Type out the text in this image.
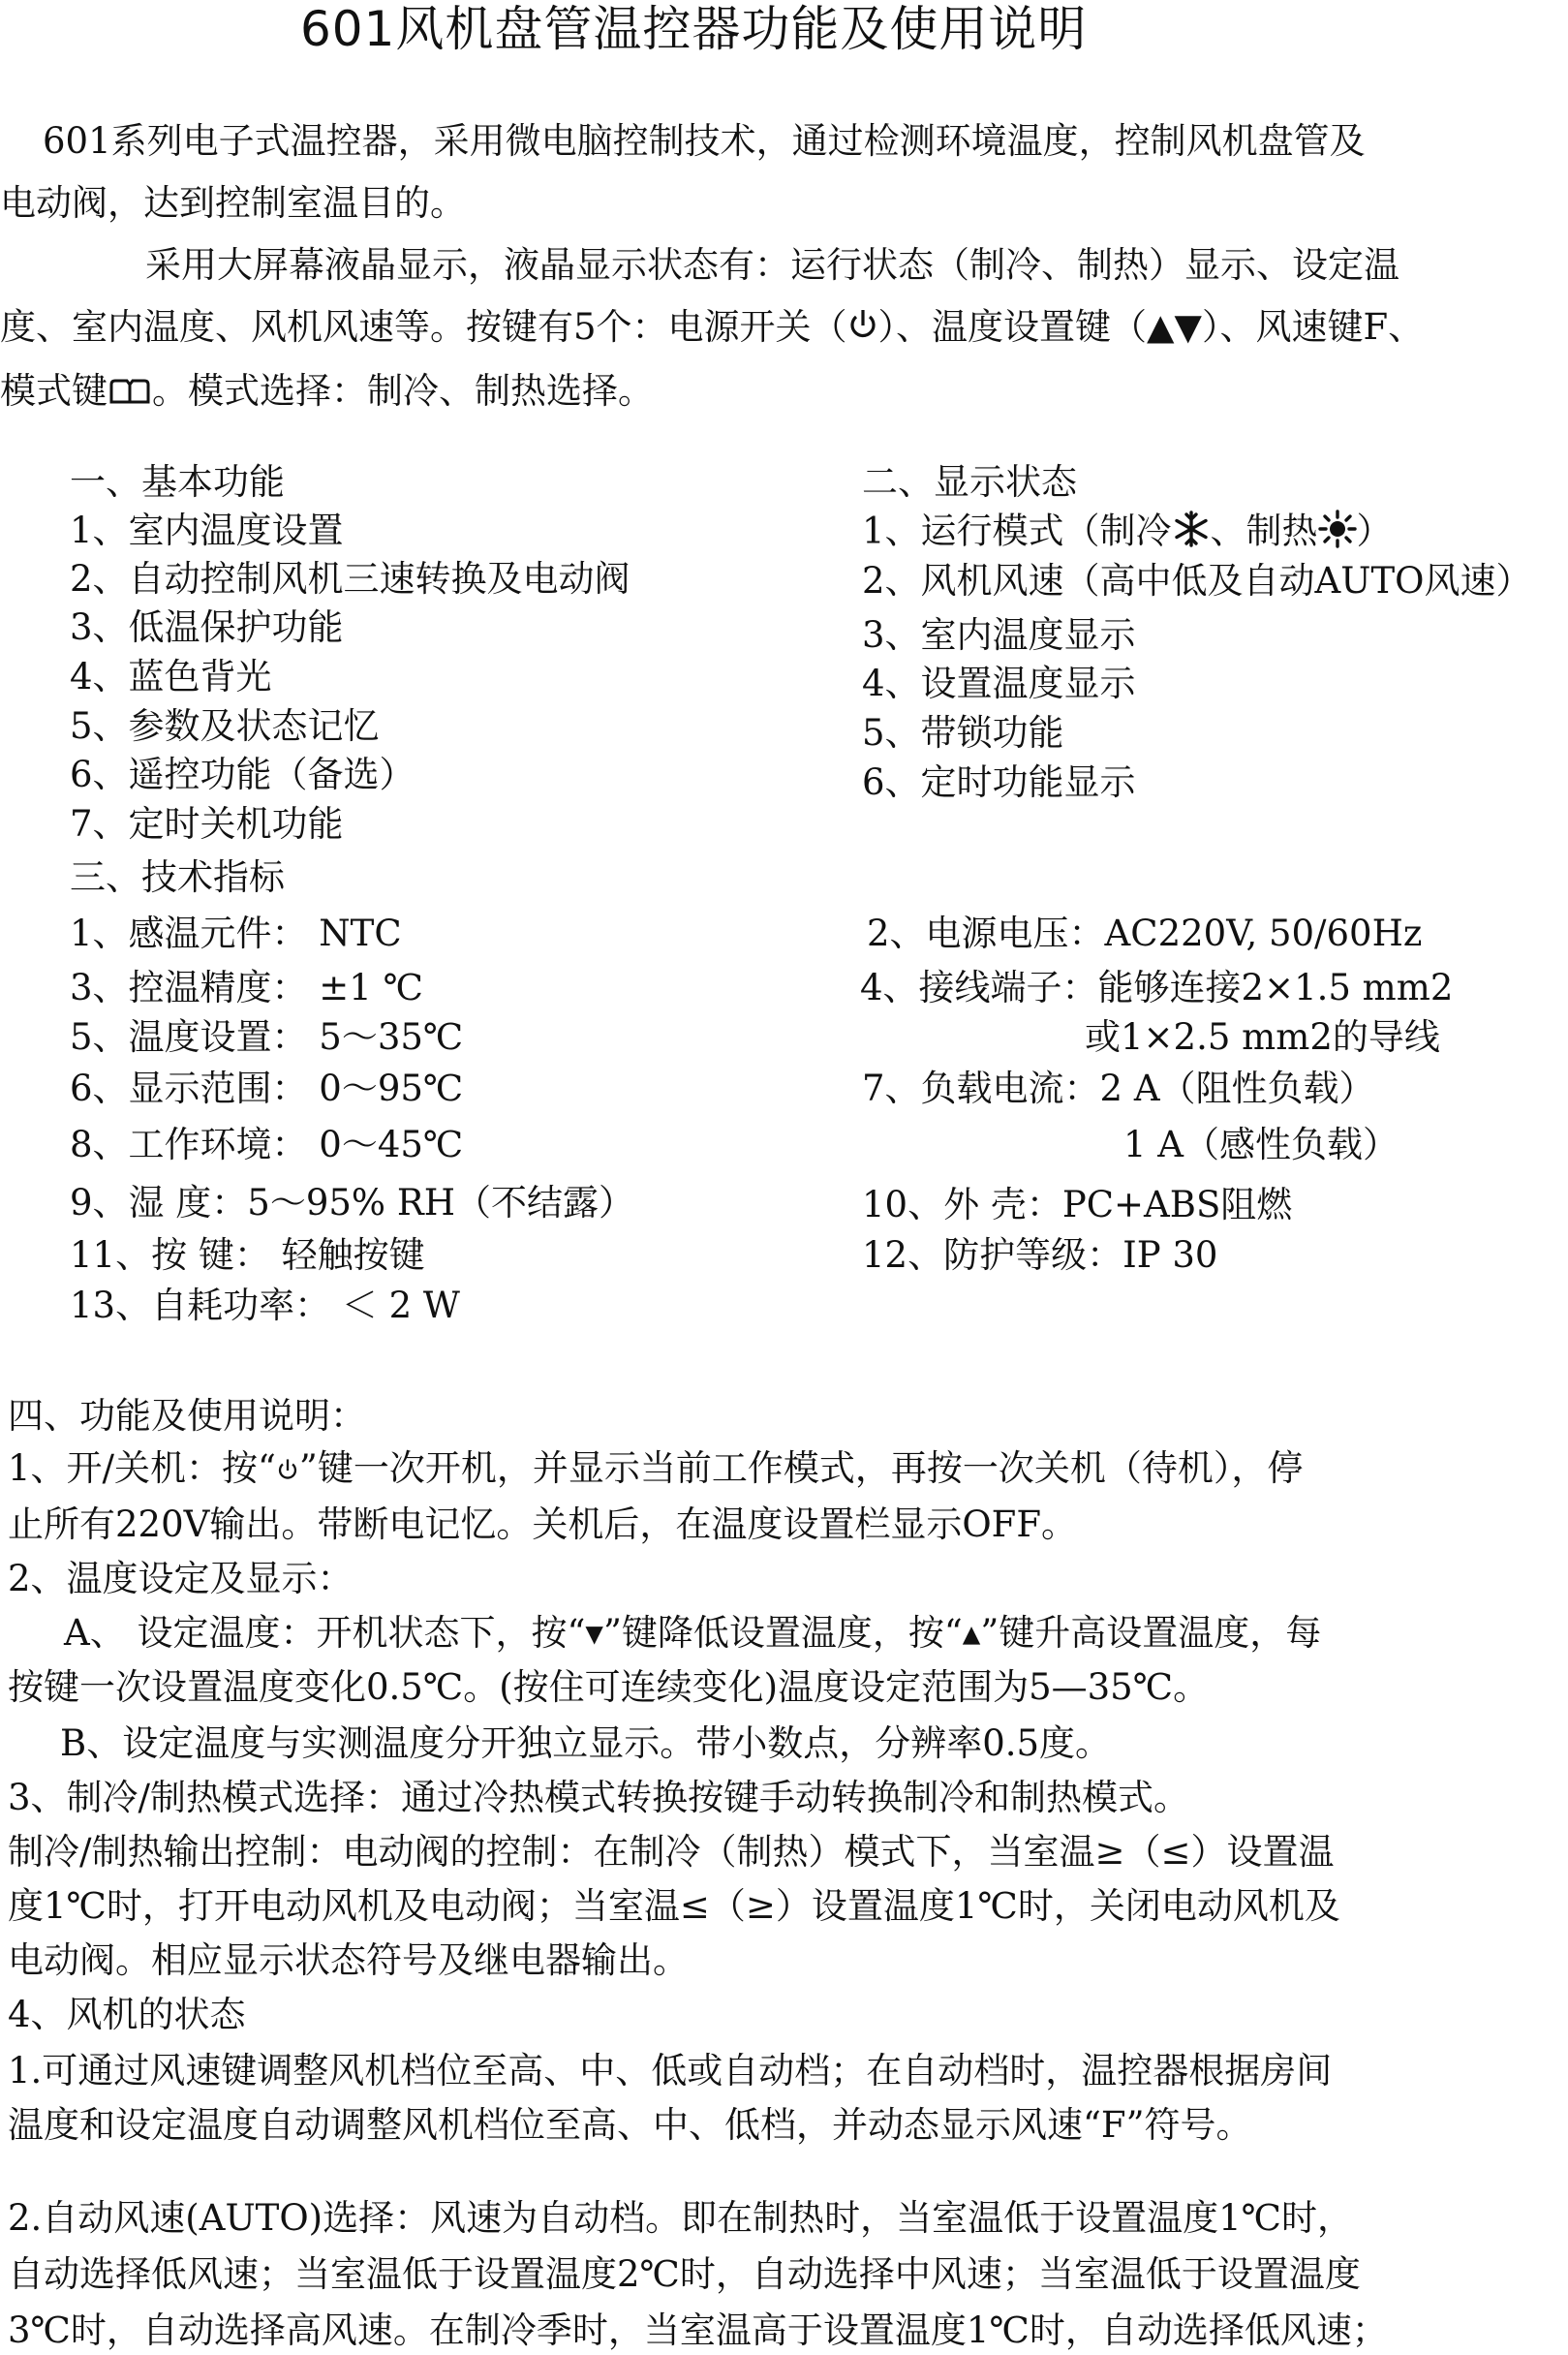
601风机盘管温控器功能及使用说明
601系列电子式温控器，采用微电脑控制技术，通过检测环境温度，控制风机盘管及
电动阀，达到控制室温目的。
采用大屏幕液晶显示，液晶显示状态有：运行状态（制冷、制热）显示、设定温
度、室内温度、风机风速等。按键有5个：电源开关（ ）、温度设置键（▲▼）、风速键F、
模式键 。模式选择：制冷、制热选择。
一、基本功能
1、室内温度设置
2、自动控制风机三速转换及电动阀
3、低温保护功能
4、蓝色背光
5、参数及状态记忆
6、遥控功能（备选）
7、定时关机功能
二、显示状态
1、运行模式（制冷 、制热 ）
2、风机风速（高中低及自动AUTO风速）
3、室内温度显示
4、设置温度显示
5、带锁功能
6、定时功能显示
三、技术指标
1、感温元件： NTC
3、控温精度： ±1 ℃
5、温度设置： 5～35℃
6、显示范围： 0～95℃
8、工作环境： 0～45℃
9、湿 度：5～95% RH（不结露）
11、按 键： 轻触按键
13、自耗功率： ＜ 2 W
2、电源电压：AC220V, 50/60Hz
4、接线端子：能够连接2×1.5 mm2
或1×2.5 mm2的导线
7、负载电流：2 A（阻性负载）
1 A（感性负载）
10、外 壳：PC+ABS阻燃
12、防护等级：IP 30
四、功能及使用说明：
1、开/关机：按“ ”键一次开机，并显示当前工作模式，再按一次关机（待机），停
止所有220V输出。带断电记忆。关机后，在温度设置栏显示OFF。
2、温度设定及显示：
A、 设定温度：开机状态下，按“▾”键降低设置温度，按“▴”键升高设置温度，每
按键一次设置温度变化0.5℃。(按住可连续变化)温度设定范围为5—35℃。
B、设定温度与实测温度分开独立显示。带小数点，分辨率0.5度。
3、制冷/制热模式选择：通过冷热模式转换按键手动转换制冷和制热模式。
制冷/制热输出控制：电动阀的控制：在制冷（制热）模式下，当室温≥（≤）设置温
度1℃时，打开电动风机及电动阀；当室温≤（≥）设置温度1℃时，关闭电动风机及
电动阀。相应显示状态符号及继电器输出。
4、风机的状态
1.可通过风速键调整风机档位至高、中、低或自动档；在自动档时，温控器根据房间
温度和设定温度自动调整风机档位至高、中、低档，并动态显示风速“F”符号。
2.自动风速(AUTO)选择：风速为自动档。即在制热时，当室温低于设置温度1℃时，
自动选择低风速；当室温低于设置温度2℃时，自动选择中风速；当室温低于设置温度
3℃时，自动选择高风速。在制冷季时，当室温高于设置温度1℃时，自动选择低风速；
